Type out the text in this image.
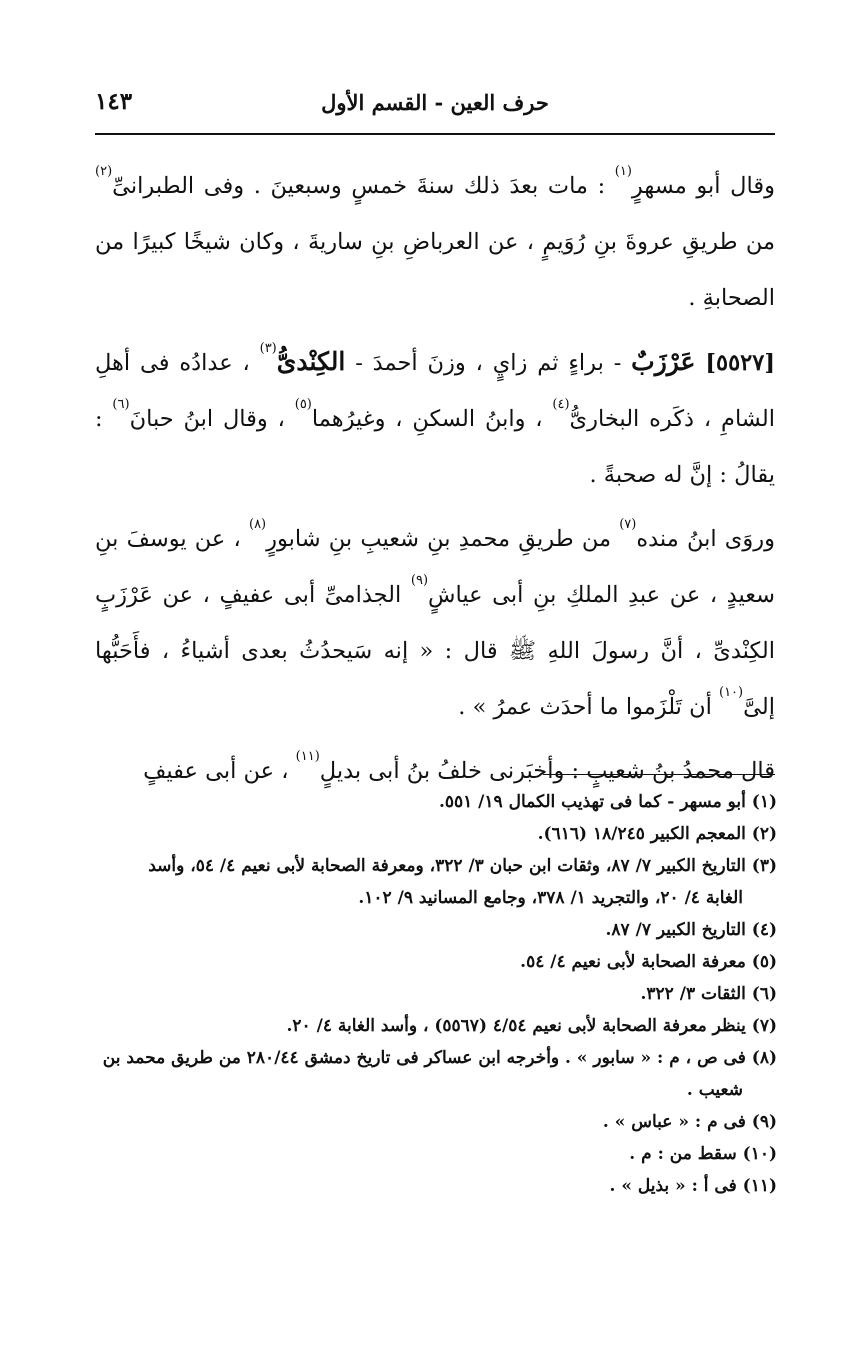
حرف العين - القسم الأول
١٤٣

وقال أبو مسهرٍ$^{(١)}$ : مات بعدَ ذلك سنةَ خمسٍ وسبعينَ . وفى الطبرانىِّ$^{(٢)}$ من طريقِ عروةَ بنِ رُوَيمٍ ، عن العرباضِ بنِ ساريةَ ، وكان شيخًا كبيرًا من الصحابةِ .

[٥٥٢٧] عَرْزَبٌ - براءٍ ثم زايٍ ، وزنَ أحمدَ - الكِنْدىُّ$^{(٣)}$ ، عدادُه فى أهلِ الشامِ ، ذكَره البخارىُّ$^{(٤)}$ ، وابنُ السكنِ ، وغيرُهما$^{(٥)}$ ، وقال ابنُ حبانَ$^{(٦)}$ : يقالُ : إنَّ له صحبةً .

وروَى ابنُ منده$^{(٧)}$ من طريقِ محمدِ بنِ شعيبِ بنِ شابورٍ$^{(٨)}$ ، عن يوسفَ بنِ سعيدٍ ، عن عبدِ الملكِ بنِ أبى عياشٍ$^{(٩)}$ الجذامىِّ أبى عفيفٍ ، عن عَرْزَبٍ الكِنْدىِّ ، أنَّ رسولَ اللهِ ﷺ قال : « إنه سَيحدُثُ بعدى أشياءُ ، فأَحَبُّها إلىَّ$^{(١٠)}$ أن تَلْزَموا ما أحدَث عمرُ » .

قال محمدُ بنُ شعيبٍ : وأخبَرنى خلفُ بنُ أبى بديلٍ$^{(١١)}$ ، عن أبى عفيفٍ

(١) أبو مسهر - كما فى تهذيب الكمال ١٩/ ٥٥١.

(٢) المعجم الكبير ١٨/٢٤٥ (٦١٦).

(٣) التاريخ الكبير ٧/ ٨٧، وثقات ابن حبان ٣/ ٣٢٢، ومعرفة الصحابة لأبى نعيم ٤/ ٥٤، وأسد

الغابة ٤/ ٢٠، والتجريد ١/ ٣٧٨، وجامع المسانيد ٩/ ١٠٢.

(٤) التاريخ الكبير ٧/ ٨٧.

(٥) معرفة الصحابة لأبى نعيم ٤/ ٥٤.

(٦) الثقات ٣/ ٣٢٢.

(٧) ينظر معرفة الصحابة لأبى نعيم ٤/٥٤ (٥٥٦٧) ، وأسد الغابة ٤/ ٢٠.

(٨) فى ص ، م : « سابور » . وأخرجه ابن عساكر فى تاريخ دمشق ٢٨٠/٤٤ من طريق محمد بن

شعيب .

(٩) فى م : « عباس » .

(١٠) سقط من : م .

(١١) فى أ : « بذيل » .
